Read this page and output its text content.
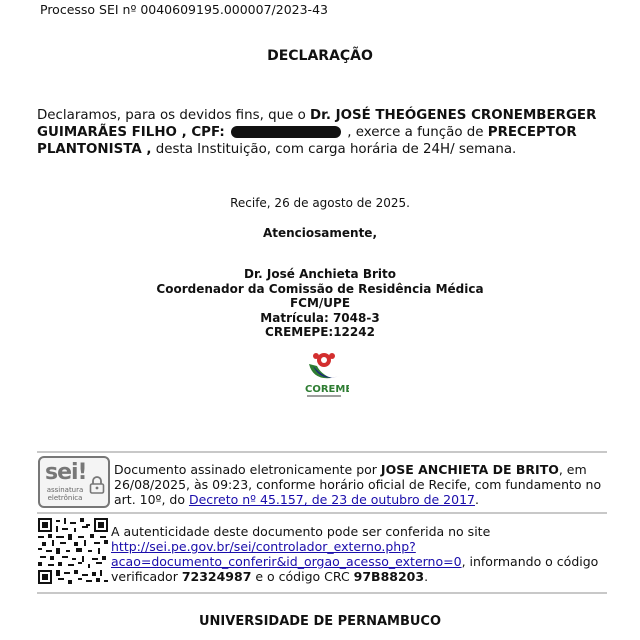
Processo SEI nº 0040609195.000007/2023-43
DECLARAÇÃO
Declaramos, para os devidos fins, que o Dr. JOSÉ THEÓGENES CRONEMBERGER GUIMARÃES FILHO , CPF:	, exerce a função de PRECEPTOR PLANTONISTA , desta Instituição, com carga horária de 24H/ semana.
Recife, 26 de agosto de 2025.
Atenciosamente,
Dr. José Anchieta Brito
Coordenador da Comissão de Residência Médica
FCM/UPE
Matrícula: 7048-3
CREMEPE:12242
COREME
sei!
assinatura
eletrônica
Documento assinado eletronicamente por JOSE ANCHIETA DE BRITO, em 26/08/2025, às 09:23, conforme horário oficial de Recife, com fundamento no art. 10º, do Decreto nº 45.157, de 23 de outubro de 2017.
A autenticidade deste documento pode ser conferida no site
http://sei.pe.gov.br/sei/controlador_externo.php?
acao=documento_conferir&id_orgao_acesso_externo=0, informando o código verificador 72324987 e o código CRC 97B88203.
UNIVERSIDADE DE PERNAMBUCO
